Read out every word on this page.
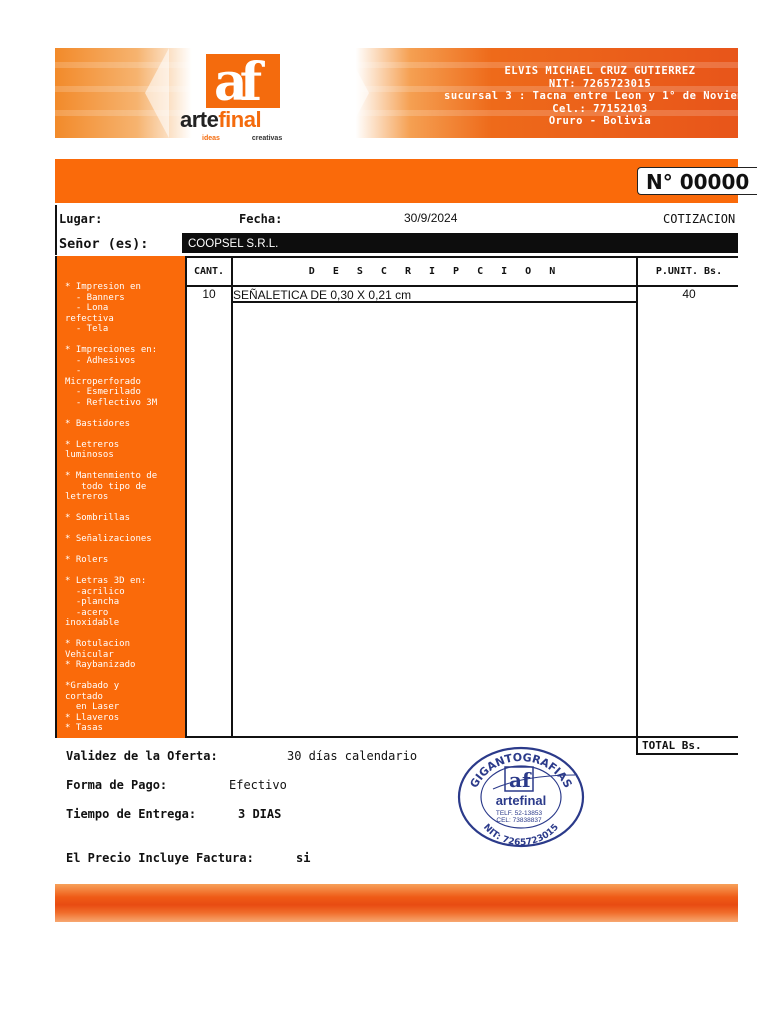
af
artefinal
ideas	creativas
ELVIS MICHAEL CRUZ GUTIERREZ
NIT: 7265723015
sucursal 3 : Tacna entre Leon y 1° de Noviembre
Cel.: 77152103
Oruro - Bolivia
N° 00000
Lugar:	Fecha:	30/9/2024	COTIZACION
Señor (es):	COOPSEL S.R.L.
* Impresion en
- Banners
- Lona
refectiva
- Tela
* Impreciones en:
- Adhesivos
-
Microperforado
- Esmerilado
- Reflectivo 3M
* Bastidores
* Letreros
luminosos
* Mantenmiento de
todo tipo de
letreros
* Sombrillas
* Señalizaciones
* Rolers
* Letras 3D en:
-acrilico
-plancha
-acero
inoxidable
* Rotulacion
Vehicular
* Raybanizado
*Grabado y
cortado
en Laser
* Llaveros
* Tasas
CANT.	D E S C R I P C I O N	P.UNIT. Bs.
10	SEÑALETICA DE 0,30 X 0,21 cm	40
TOTAL Bs.
Validez de la Oferta:	30 días calendario
Forma de Pago:	Efectivo
Tiempo de Entrega:	3 DIAS
El Precio Incluye Factura:	si
GIGANTOGRAFIAS
NIT: 7265723015
af
artefinal
TELF. 52-13853
CEL: 73838837
